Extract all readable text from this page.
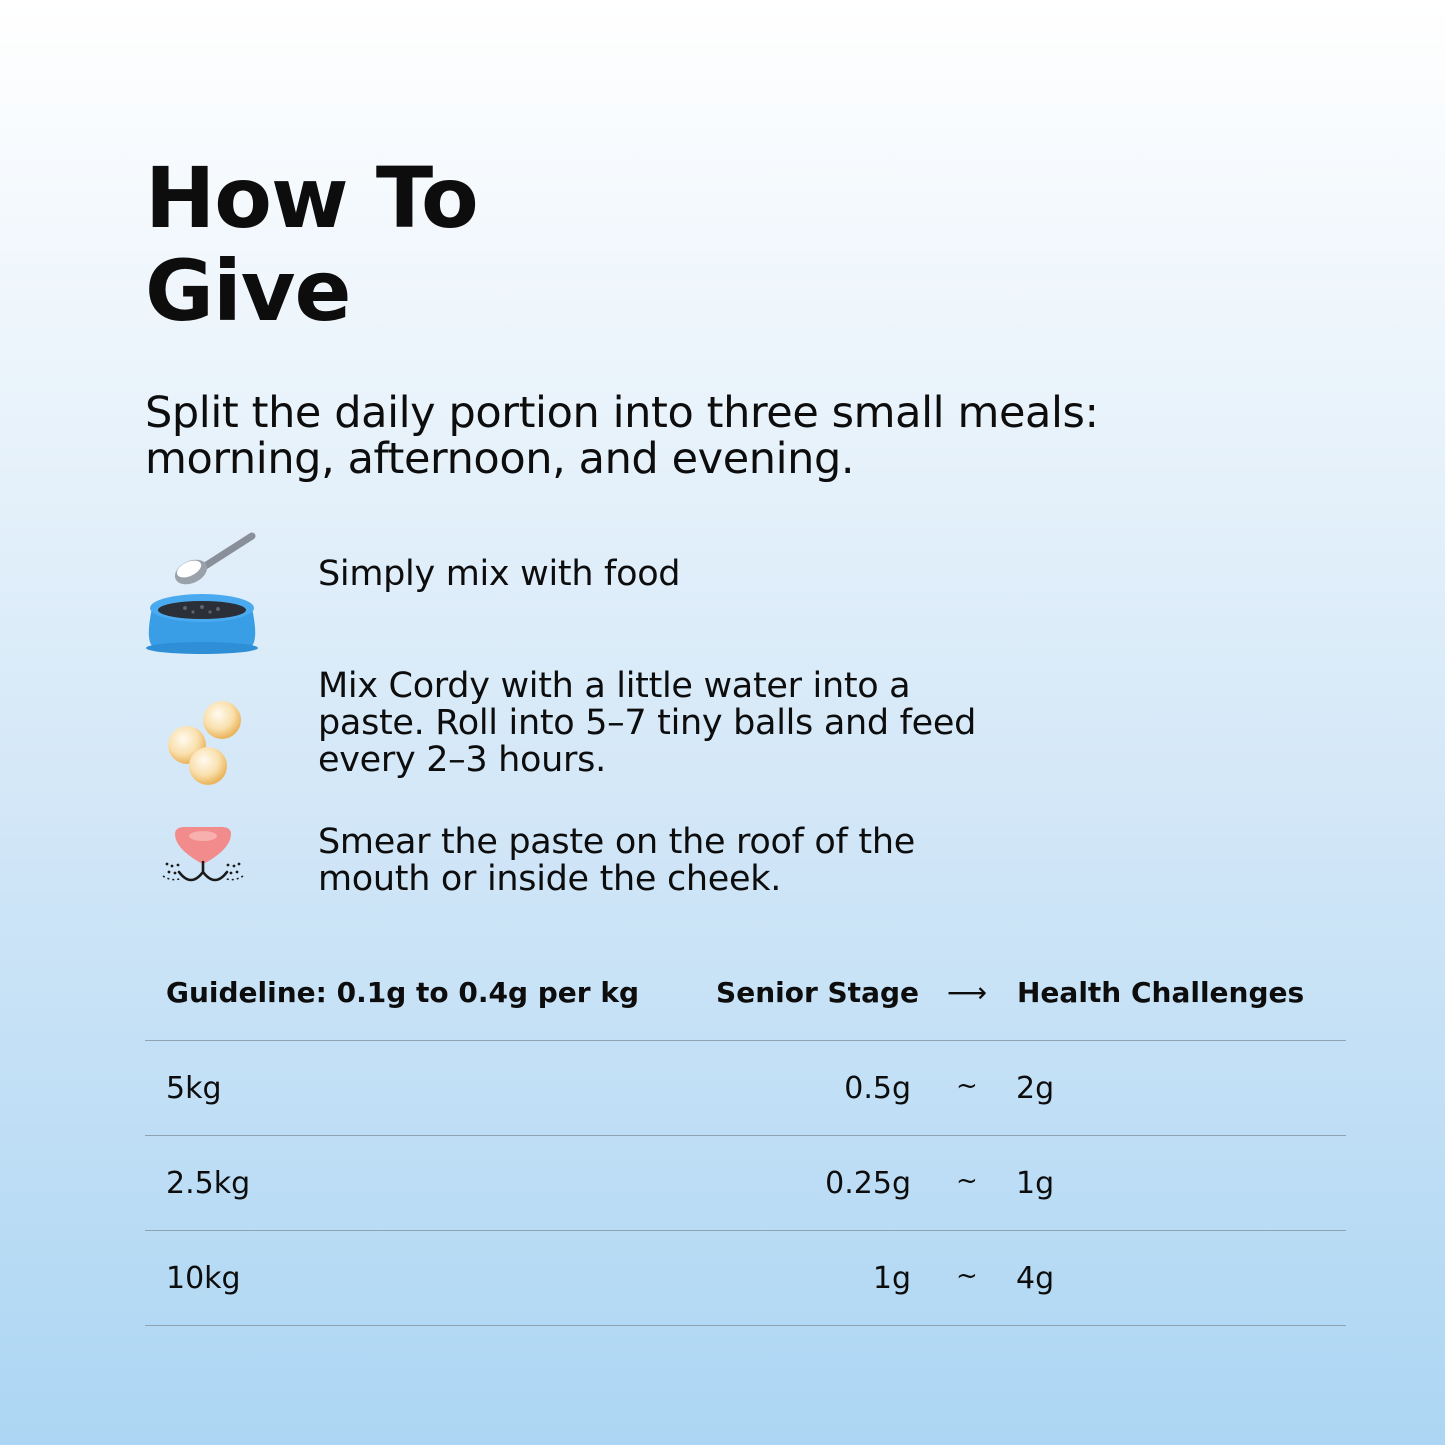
How To
Give

Split the daily portion into three small meals:
morning, afternoon, and evening.

Simply mix with food
Mix Cordy with a little water into a
paste. Roll into 5–7 tiny balls and feed
every 2–3 hours.
Smear the paste on the roof of the
mouth or inside the cheek.
Guideline: 0.1g to 0.4g per kg	Senior Stage ⟶ Health Challenges
5kg	0.5g ~ 2g
2.5kg	0.25g ~ 1g
10kg	1g ~ 4g
